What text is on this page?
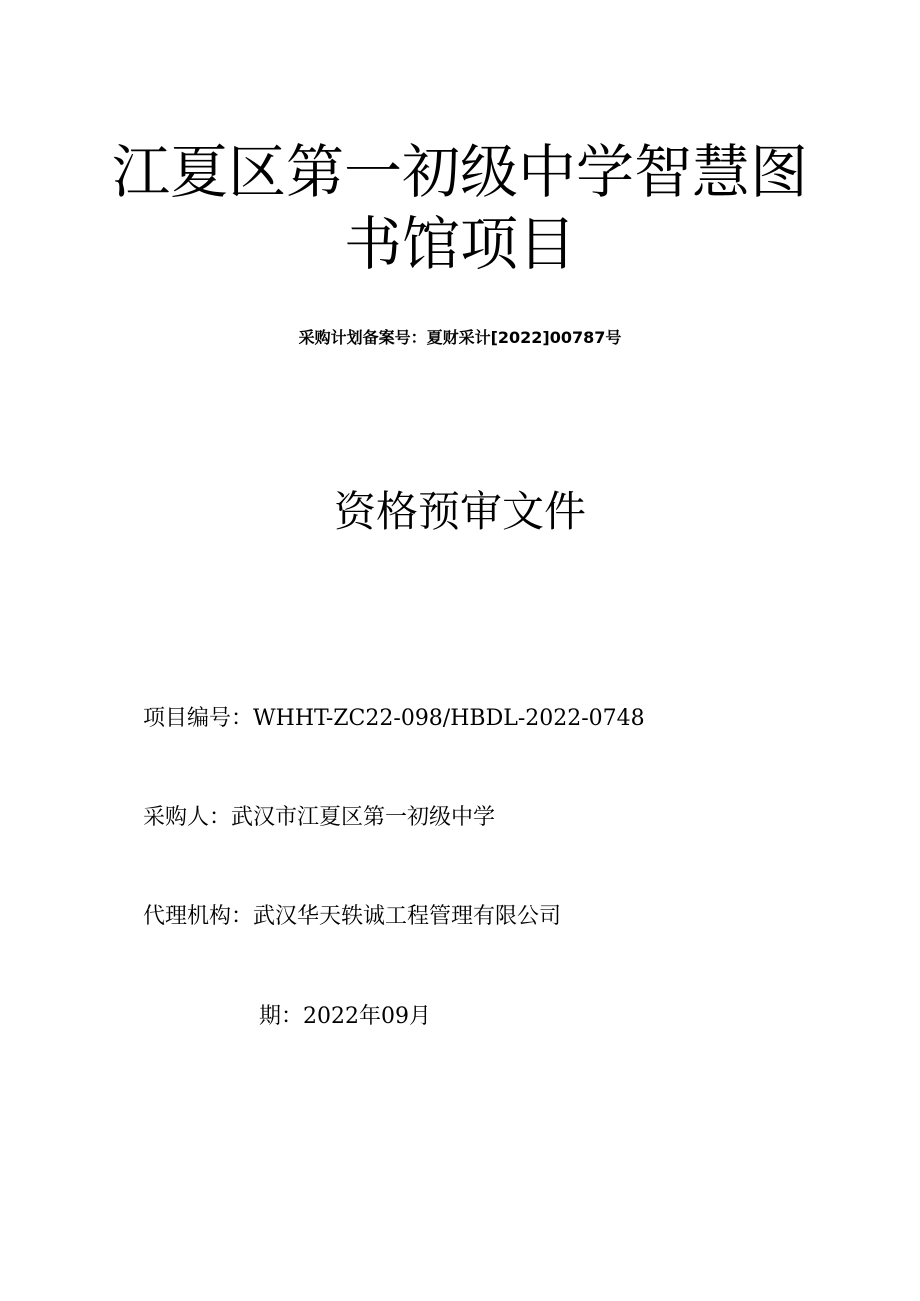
江夏区第一初级中学智慧图
书馆项目
采购计划备案号：夏财采计[2022]00787号
资格预审文件
项目编号：WHHT-ZC22-098/HBDL-2022-0748
采购人：武汉市江夏区第一初级中学
代理机构：武汉华天轶诚工程管理有限公司
期：2022年09月
